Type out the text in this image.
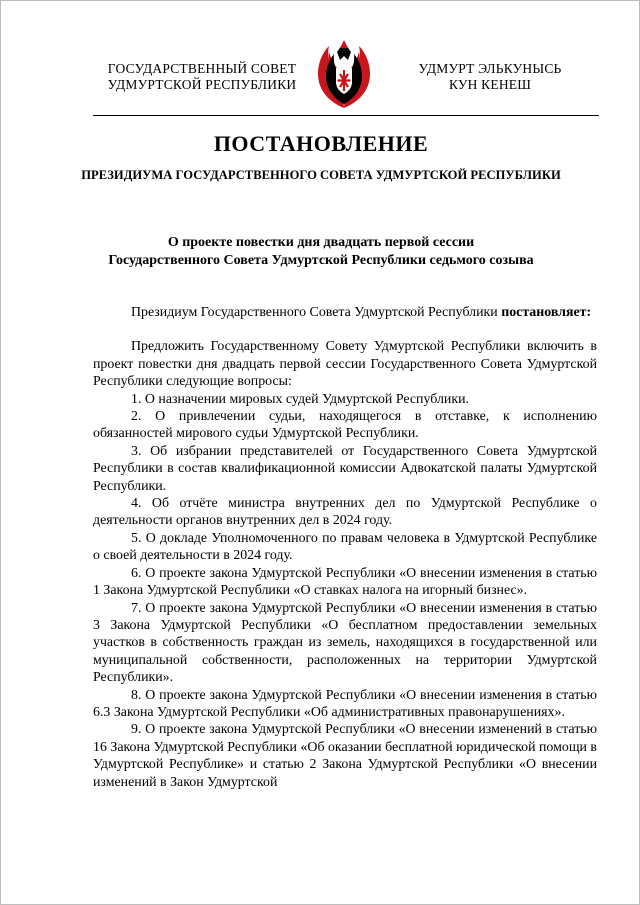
ГОСУДАРСТВЕННЫЙ СОВЕТ
УДМУРТСКОЙ РЕСПУБЛИКИ
УДМУРТ ЭЛЬКУНЫСЬ
КУН КЕНЕШ
ПОСТАНОВЛЕНИЕ
ПРЕЗИДИУМА ГОСУДАРСТВЕННОГО СОВЕТА УДМУРТСКОЙ РЕСПУБЛИКИ
О проекте повестки дня двадцать первой сессии
Государственного Совета Удмуртской Республики седьмого созыва

Президиум Государственного Совета Удмуртской Республики постановляет:

Предложить Государственному Совету Удмуртской Республики включить в проект повестки дня двадцать первой сессии Государственного Совета Удмуртской Республики следующие вопросы:

1. О назначении мировых судей Удмуртской Республики.

2. О привлечении судьи, находящегося в отставке, к исполнению обязанностей мирового судьи Удмуртской Республики.

3. Об избрании представителей от Государственного Совета Удмуртской Республики в состав квалификационной комиссии Адвокатской палаты Удмуртской Республики.

4. Об отчёте министра внутренних дел по Удмуртской Республике о деятельности органов внутренних дел в 2024 году.

5. О докладе Уполномоченного по правам человека в Удмуртской Республике о своей деятельности в 2024 году.

6. О проекте закона Удмуртской Республики «О внесении изменения в статью 1 Закона Удмуртской Республики «О ставках налога на игорный бизнес».

7. О проекте закона Удмуртской Республики «О внесении изменения в статью 3 Закона Удмуртской Республики «О бесплатном предоставлении земельных участков в собственность граждан из земель, находящихся в государственной или муниципальной собственности, расположенных на территории Удмуртской Республики».

8. О проекте закона Удмуртской Республики «О внесении изменения в статью 6.3 Закона Удмуртской Республики «Об административных правонарушениях».

9. О проекте закона Удмуртской Республики «О внесении изменений в статью 16 Закона Удмуртской Республики «Об оказании бесплатной юридической помощи в Удмуртской Республике» и статью 2 Закона Удмуртской Республики «О внесении изменений в Закон Удмуртской
